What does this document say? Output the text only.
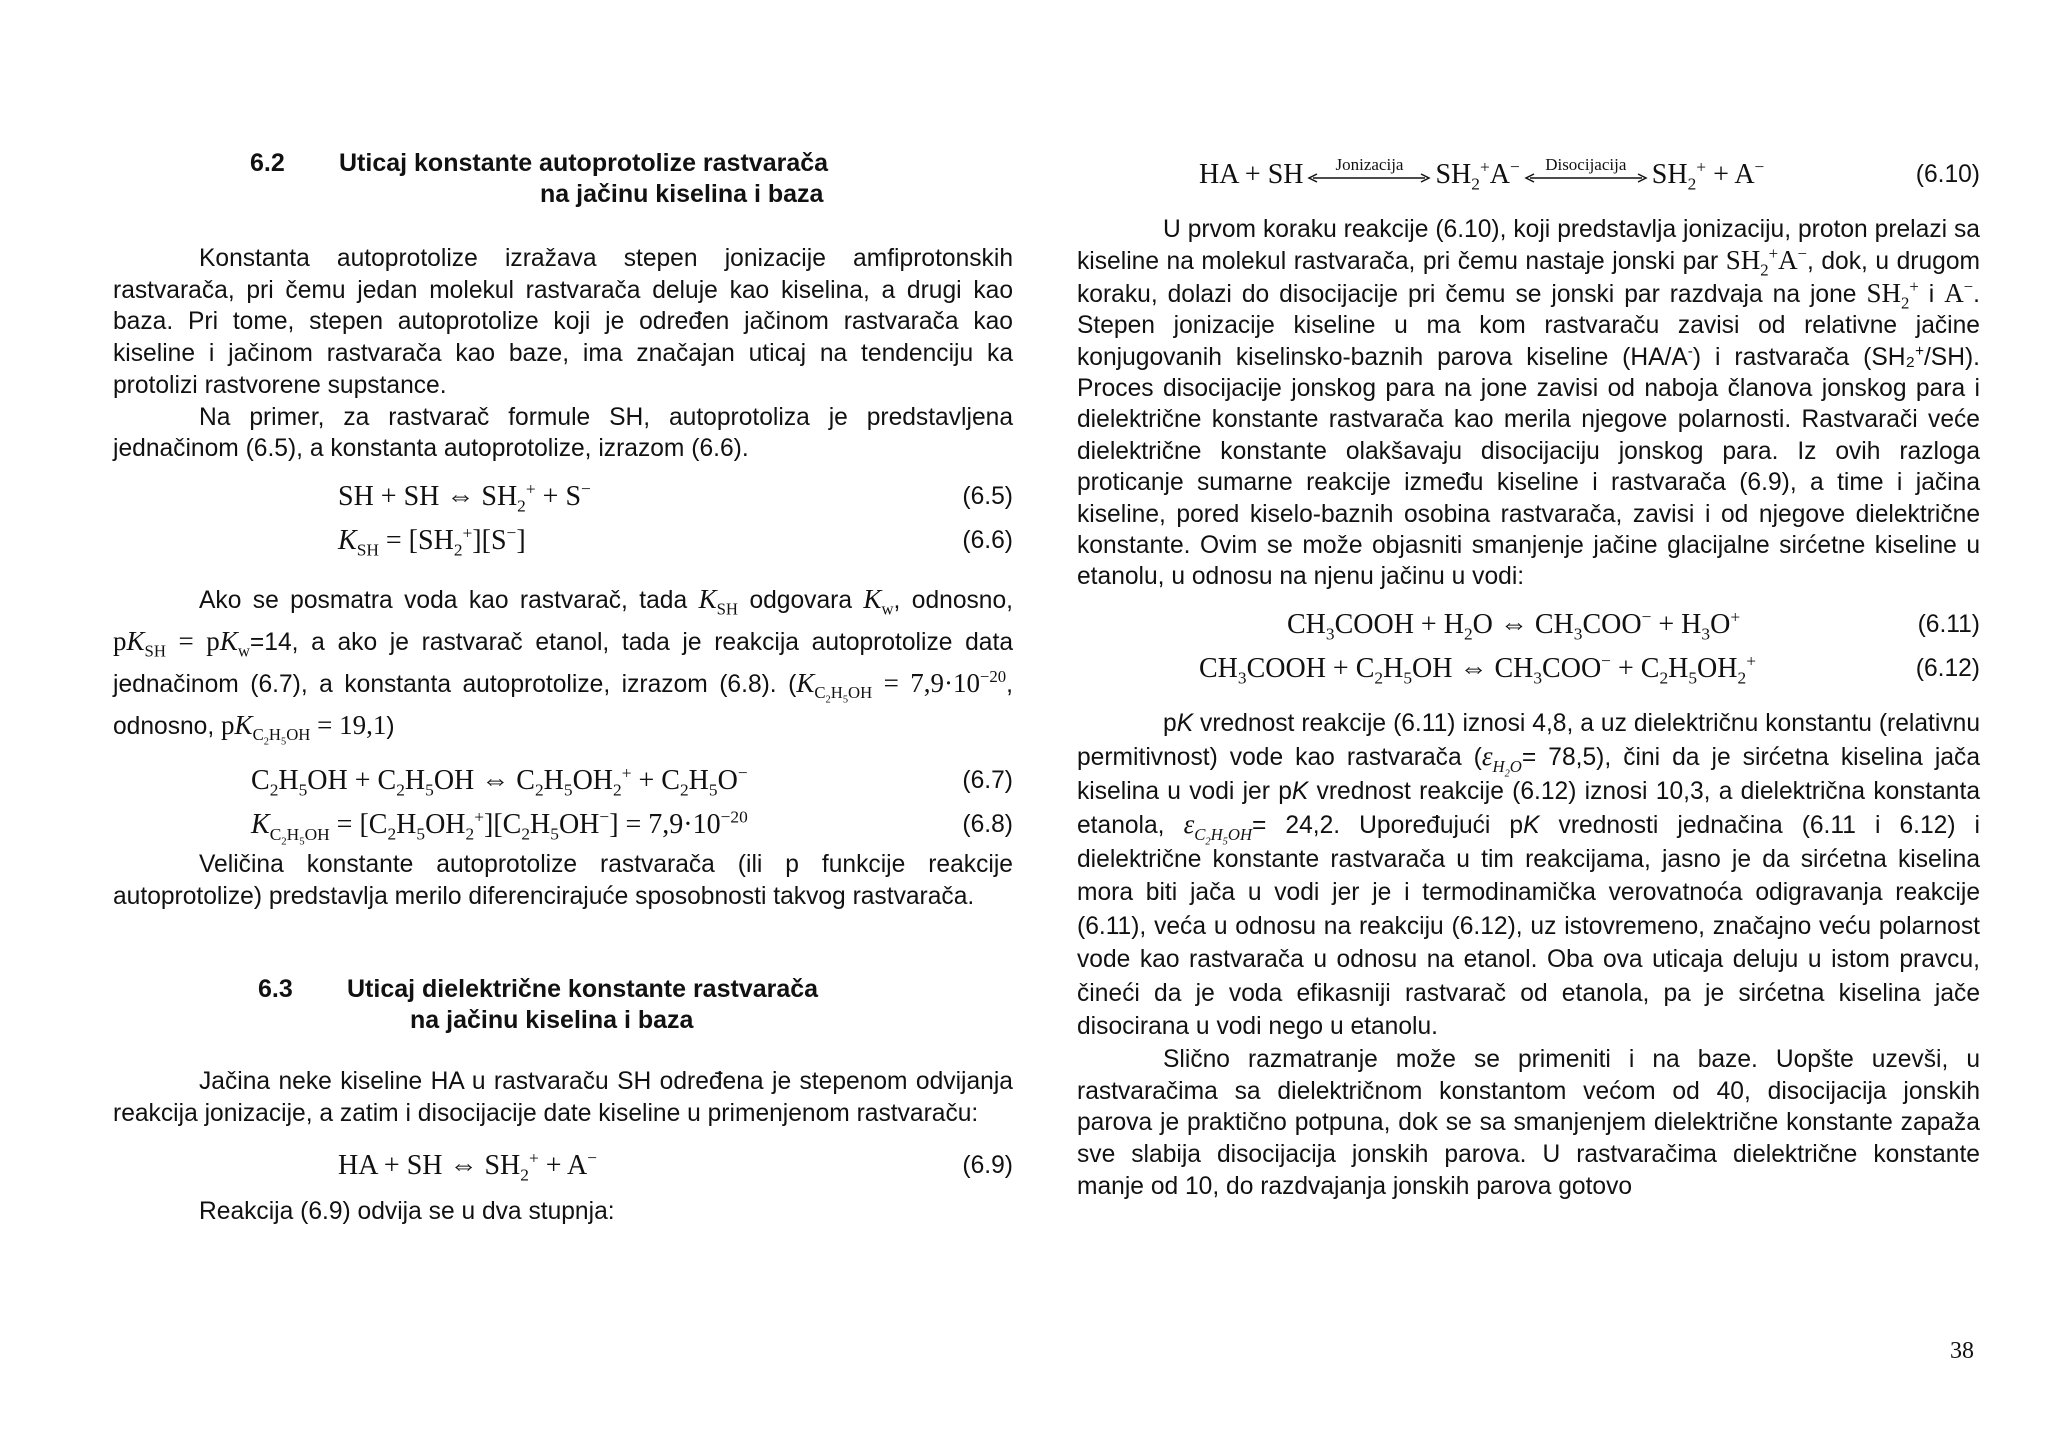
6.2 Uticaj konstante autoprotolize rastvarača
na jačinu kiselina i baza

Konstanta autoprotolize izražava stepen jonizacije amfiprotonskih rastvarača, pri čemu jedan molekul rastvarača deluje kao kiselina, a drugi kao baza. Pri tome, stepen autoprotolize koji je određen jačinom rastvarača kao kiseline i jačinom rastvarača kao baze, ima značajan uticaj na tendenciju ka protolizi rastvorene supstance.

Na primer, za rastvarač formule SH, autoprotoliza je predstavljena jednačinom (6.5), a konstanta autoprotolize, izrazom (6.6).

SH + SH ⇔ $SH_2^+ + S^-$	(6.5)
$K_{SH} = [SH_2^+][S^-]$	(6.6)

Ako se posmatra voda kao rastvarač, tada $K_{SH}$ odgovara $K_w$, odnosno, $pK_{SH} = pK_w=14$, a ako je rastvarač etanol, tada je reakcija autoprotolize data jednačinom (6.7), a konstanta autoprotolize, izrazom (6.8). ($K_{C_2H_5OH} = 7,9\cdot 10^{-20}$, odnosno, $pK_{C_2H_5OH} = 19,1$)

$C_2H_5OH + C_2H_5OH$ ⇔ $C_2H_5OH_2^+ + C_2H_5O^-$	(6.7)
$K_{C_2H_5OH} = [C_2H_5OH_2^+][C_2H_5OH^-] = 7,9\cdot 10^{-20}$	(6.8)

Veličina konstante autoprotolize rastvarača (ili p funkcije reakcije autoprotolize) predstavlja merilo diferencirajuće sposobnosti takvog rastvarača.

6.3 Uticaj dielektrične konstante rastvarača
na jačinu kiselina i baza

Jačina neke kiseline HA u rastvaraču SH određena je stepenom odvijanja reakcija jonizacije, a zatim i disocijacije date kiseline u primenjenom rastvaraču:

HA + SH ⇔ $SH_2^+ + A^-$	(6.9)

Reakcija (6.9) odvija se u dva stupnja:

HA + SH	Jonizacija	$SH_2^+A^-$	Disocijacija $SH_2^+ + A^-$	(6.10)

U prvom koraku reakcije (6.10), koji predstavlja jonizaciju, proton prelazi sa kiseline na molekul rastvarača, pri čemu nastaje jonski par $SH_2^+A^-$, dok, u drugom koraku, dolazi do disocijacije pri čemu se jonski par razdvaja na jone $SH_2^+$ i A−. Stepen jonizacije kiseline u ma kom rastvaraču zavisi od relativne jačine konjugovanih kiselinsko-baznih parova kiseline (HA/A-) i rastvarača (SH₂+/SH). Proces disocijacije jonskog para na jone zavisi od naboja članova jonskog para i dielektrične konstante rastvarača kao merila njegove polarnosti. Rastvarači veće dielektrične konstante olakšavaju disocijaciju jonskog para. Iz ovih razloga proticanje sumarne reakcije između kiseline i rastvarača (6.9), a time i jačina kiseline, pored kiselo-baznih osobina rastvarača, zavisi i od njegove dielektrične konstante. Ovim se može objasniti smanjenje jačine glacijalne sirćetne kiseline u etanolu, u odnosu na njenu jačinu u vodi:

$CH_3COOH + H_2O$ ⇔ $CH_3COO^- + H_3O^+$	(6.11)
$CH_3COOH + C_2H_5OH$ ⇔ $CH_3COO^- + C_2H_5OH_2^+$	(6.12)

pK vrednost reakcije (6.11) iznosi 4,8, a uz dielektričnu konstantu (relativnu permitivnost) vode kao rastvarača $(\varepsilon_{H_2O}= 78,5)$, čini da je sirćetna kiselina jača kiselina u vodi jer pK vrednost reakcije (6.12) iznosi 10,3, a dielektrična konstanta etanola, $\varepsilon_{C_2H_5OH}= 24,2$. Upoređujući pK vrednosti jednačina (6.11 i 6.12) i dielektrične konstante rastvarača u tim reakcijama, jasno je da sirćetna kiselina mora biti jača u vodi jer je i termodinamička verovatnoća odigravanja reakcije (6.11), veća u odnosu na reakciju (6.12), uz istovremeno, značajno veću polarnost vode kao rastvarača u odnosu na etanol. Oba ova uticaja deluju u istom pravcu, čineći da je voda efikasniji rastvarač od etanola, pa je sirćetna kiselina jače disocirana u vodi nego u etanolu.

Slično razmatranje može se primeniti i na baze. Uopšte uzevši, u rastvaračima sa dielektričnom konstantom većom od 40, disocijacija jonskih parova je praktično potpuna, dok se sa smanjenjem dielektrične konstante zapaža sve slabija disocijacija jonskih parova. U rastvaračima dielektrične konstante manje od 10, do razdvajanja jonskih parova gotovo

38
